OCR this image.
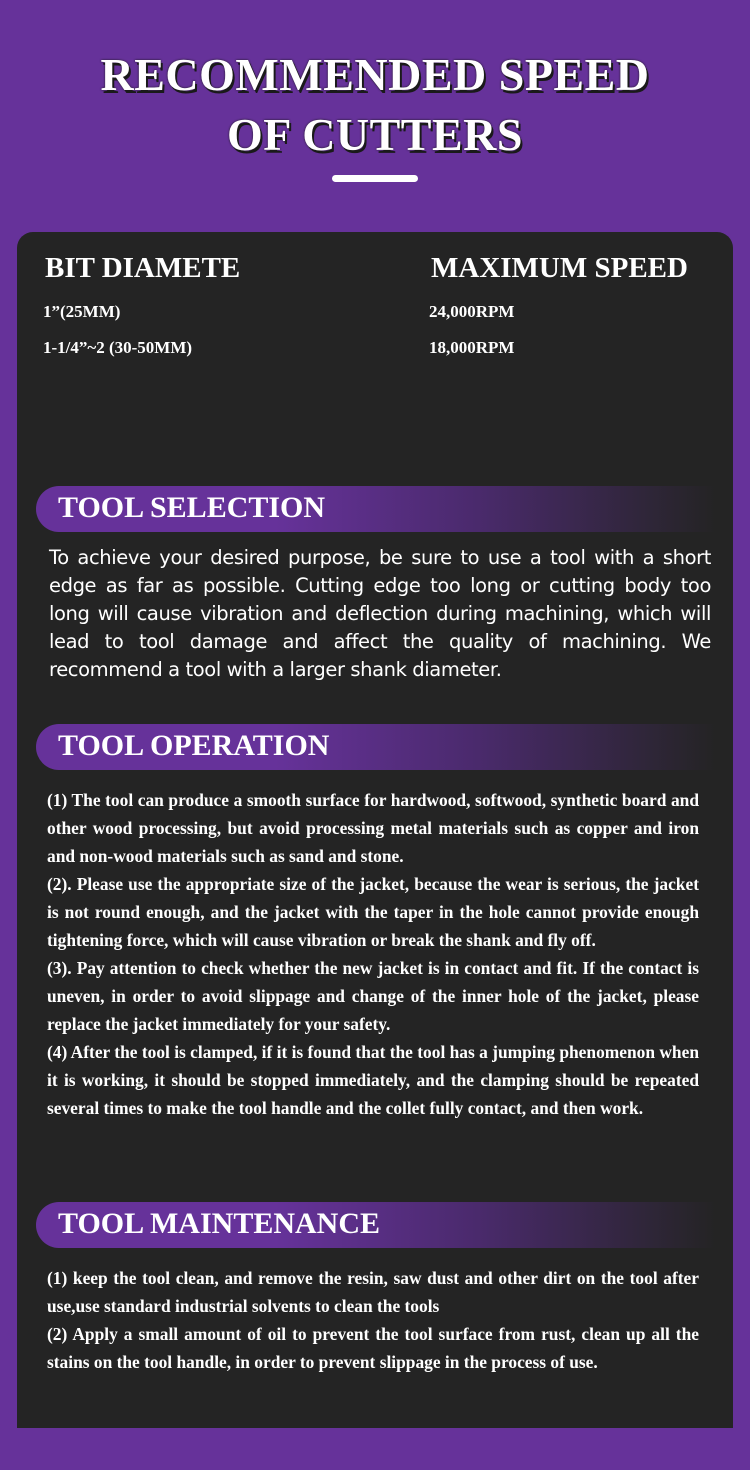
RECOMMENDED SPEED
OF CUTTERS
BIT DIAMETE	MAXIMUM SPEED
1”(25MM)	24,000RPM
1-1/4”~2 (30-50MM)	18,000RPM
TOOL SELECTION

To achieve your desired purpose, be sure to use a tool with a short edge as far as possible. Cutting edge too long or cutting body too long will cause vibration and deflection during machining, which will lead to tool damage and affect the quality of machining. We recommend a tool with a larger shank diameter.

TOOL OPERATION

(1) The tool can produce a smooth surface for hardwood, softwood, synthetic board and other wood processing, but avoid processing metal materials such as copper and iron and non-wood materials such as sand and stone.

(2). Please use the appropriate size of the jacket, because the wear is serious, the jacket is not round enough, and the jacket with the taper in the hole cannot provide enough tightening force, which will cause vibration or break the shank and fly off.

(3). Pay attention to check whether the new jacket is in contact and fit. If the contact is uneven, in order to avoid slippage and change of the inner hole of the jacket, please replace the jacket immediately for your safety.

(4) After the tool is clamped, if it is found that the tool has a jumping phenomenon when it is working, it should be stopped immediately, and the clamping should be repeated several times to make the tool handle and the collet fully contact, and then work.

TOOL MAINTENANCE

(1) keep the tool clean, and remove the resin, saw dust and other dirt on the tool after use,use standard industrial solvents to clean the tools

(2) Apply a small amount of oil to prevent the tool surface from rust, clean up all the stains on the tool handle, in order to prevent slippage in the process of use.
